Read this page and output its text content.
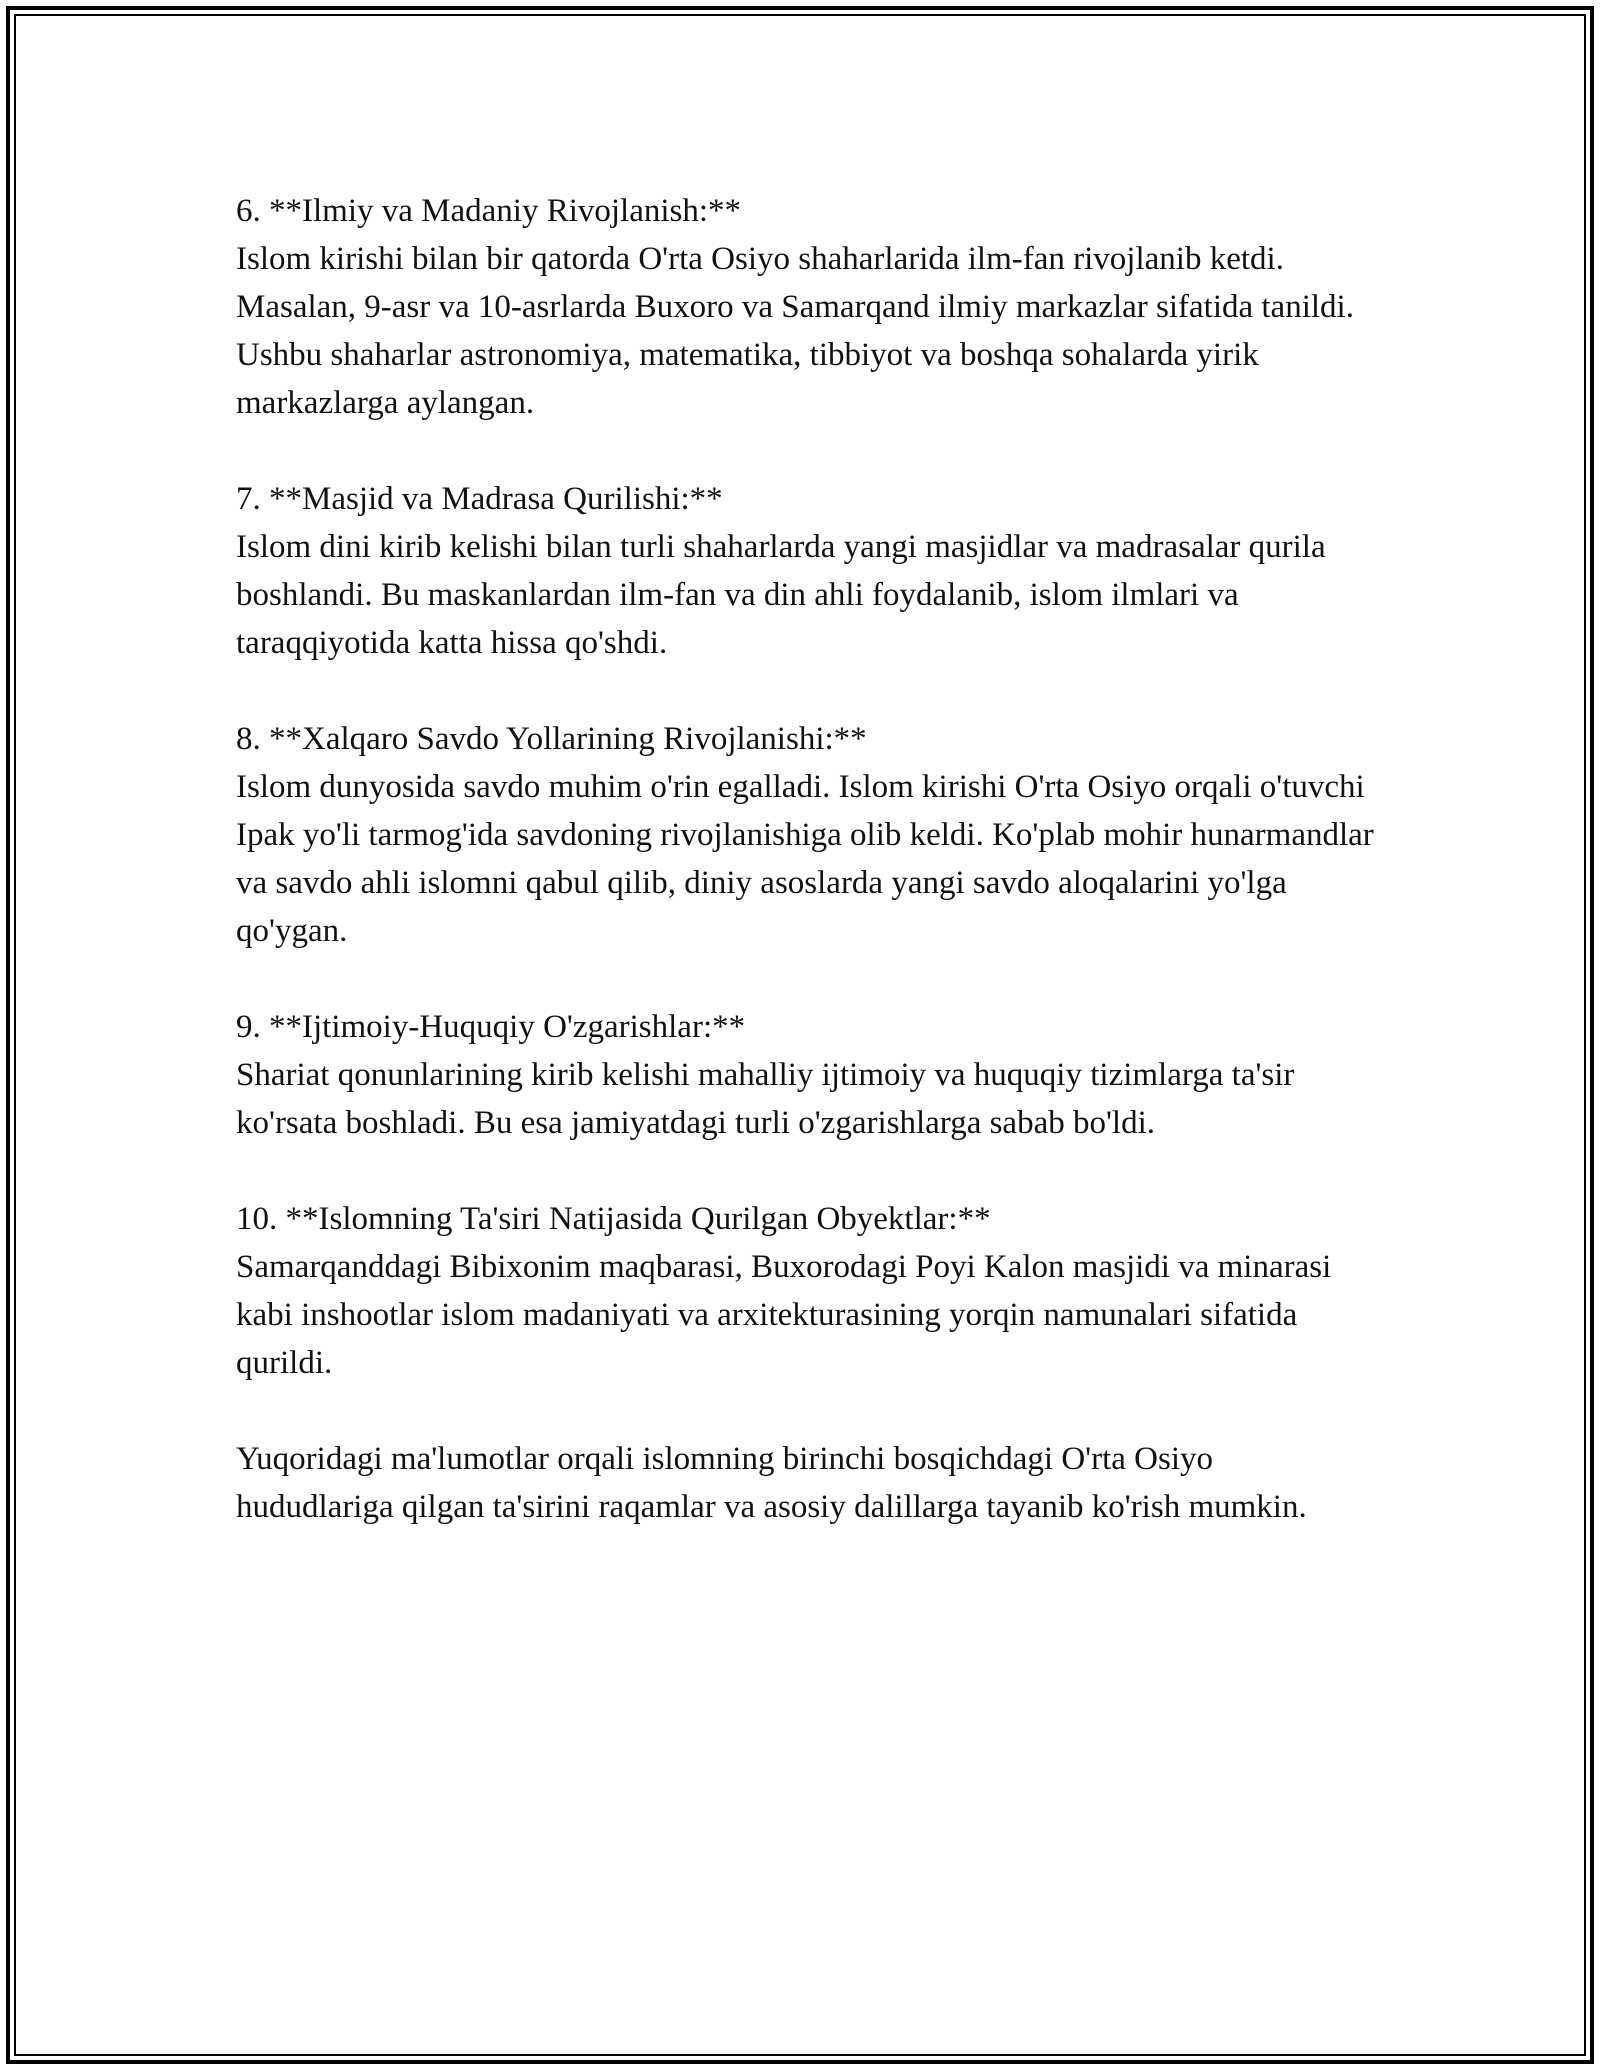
6. **Ilmiy va Madaniy Rivojlanish:**
Islom kirishi bilan bir qatorda O'rta Osiyo shaharlarida ilm-fan rivojlanib ketdi. Masalan, 9-asr va 10-asrlarda Buxoro va Samarqand ilmiy markazlar sifatida tanildi. Ushbu shaharlar astronomiya, matematika, tibbiyot va boshqa sohalarda yirik markazlarga aylangan.
7. **Masjid va Madrasa Qurilishi:**
Islom dini kirib kelishi bilan turli shaharlarda yangi masjidlar va madrasalar qurila boshlandi. Bu maskanlardan ilm-fan va din ahli foydalanib, islom ilmlari va taraqqiyotida katta hissa qo'shdi.
8. **Xalqaro Savdo Yollarining Rivojlanishi:**
Islom dunyosida savdo muhim o'rin egalladi. Islom kirishi O'rta Osiyo orqali o'tuvchi Ipak yo'li tarmog'ida savdoning rivojlanishiga olib keldi. Ko'plab mohir hunarmandlar va savdo ahli islomni qabul qilib, diniy asoslarda yangi savdo aloqalarini yo'lga qo'ygan.
9. **Ijtimoiy-Huquqiy O'zgarishlar:**
Shariat qonunlarining kirib kelishi mahalliy ijtimoiy va huquqiy tizimlarga ta'sir ko'rsata boshladi. Bu esa jamiyatdagi turli o'zgarishlarga sabab bo'ldi.
10. **Islomning Ta'siri Natijasida Qurilgan Obyektlar:**
Samarqanddagi Bibixonim maqbarasi, Buxorodagi Poyi Kalon masjidi va minarasi kabi inshootlar islom madaniyati va arxitekturasining yorqin namunalari sifatida qurildi.

Yuqoridagi ma'lumotlar orqali islomning birinchi bosqichdagi O'rta Osiyo hududlariga qilgan ta'sirini raqamlar va asosiy dalillarga tayanib ko'rish mumkin.
